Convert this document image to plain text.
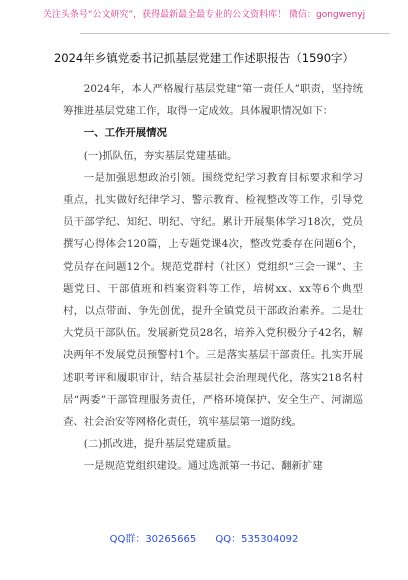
关注头条号“公文研究”，获得最新最全最专业的公文资料库！ 微信：gongwenyj
2024年乡镇党委书记抓基层党建工作述职报告（1590字）

2024年，本人严格履行基层党建“第一责任人”职责，坚持统筹推进基层党建工作，取得一定成效。具体履职情况如下：

一、工作开展情况

(一)抓队伍，夯实基层党建基础。

一是加强思想政治引领。围绕党纪学习教育目标要求和学习重点，扎实做好纪律学习、警示教育、检视整改等工作，引导党员干部学纪、知纪、明纪、守纪。累计开展集体学习18次，党员撰写心得体会120篇，上专题党课4次，整改党委存在问题6个，党员存在问题12个。规范党群村（社区）党组织“三会一课”、主题党日、干部值班和档案资料等工作，培树xx、xx等6个典型村，以点带面、争先创优，提升全镇党员干部政治素养。二是壮大党员干部队伍。发展新党员28名，培养入党积极分子42名，解决两年不发展党员预警村1个。三是落实基层干部责任。扎实开展述职考评和履职审计，结合基层社会治理现代化，落实218名村居“两委”干部管理服务责任，严格环境保护、安全生产、河湖巡查、社会治安等网格化责任，筑牢基层第一道防线。

(二)抓改进，提升基层党建质量。

一是规范党组织建设。通过选派第一书记、翻新扩建

QQ群：30265665 QQ：535304092
